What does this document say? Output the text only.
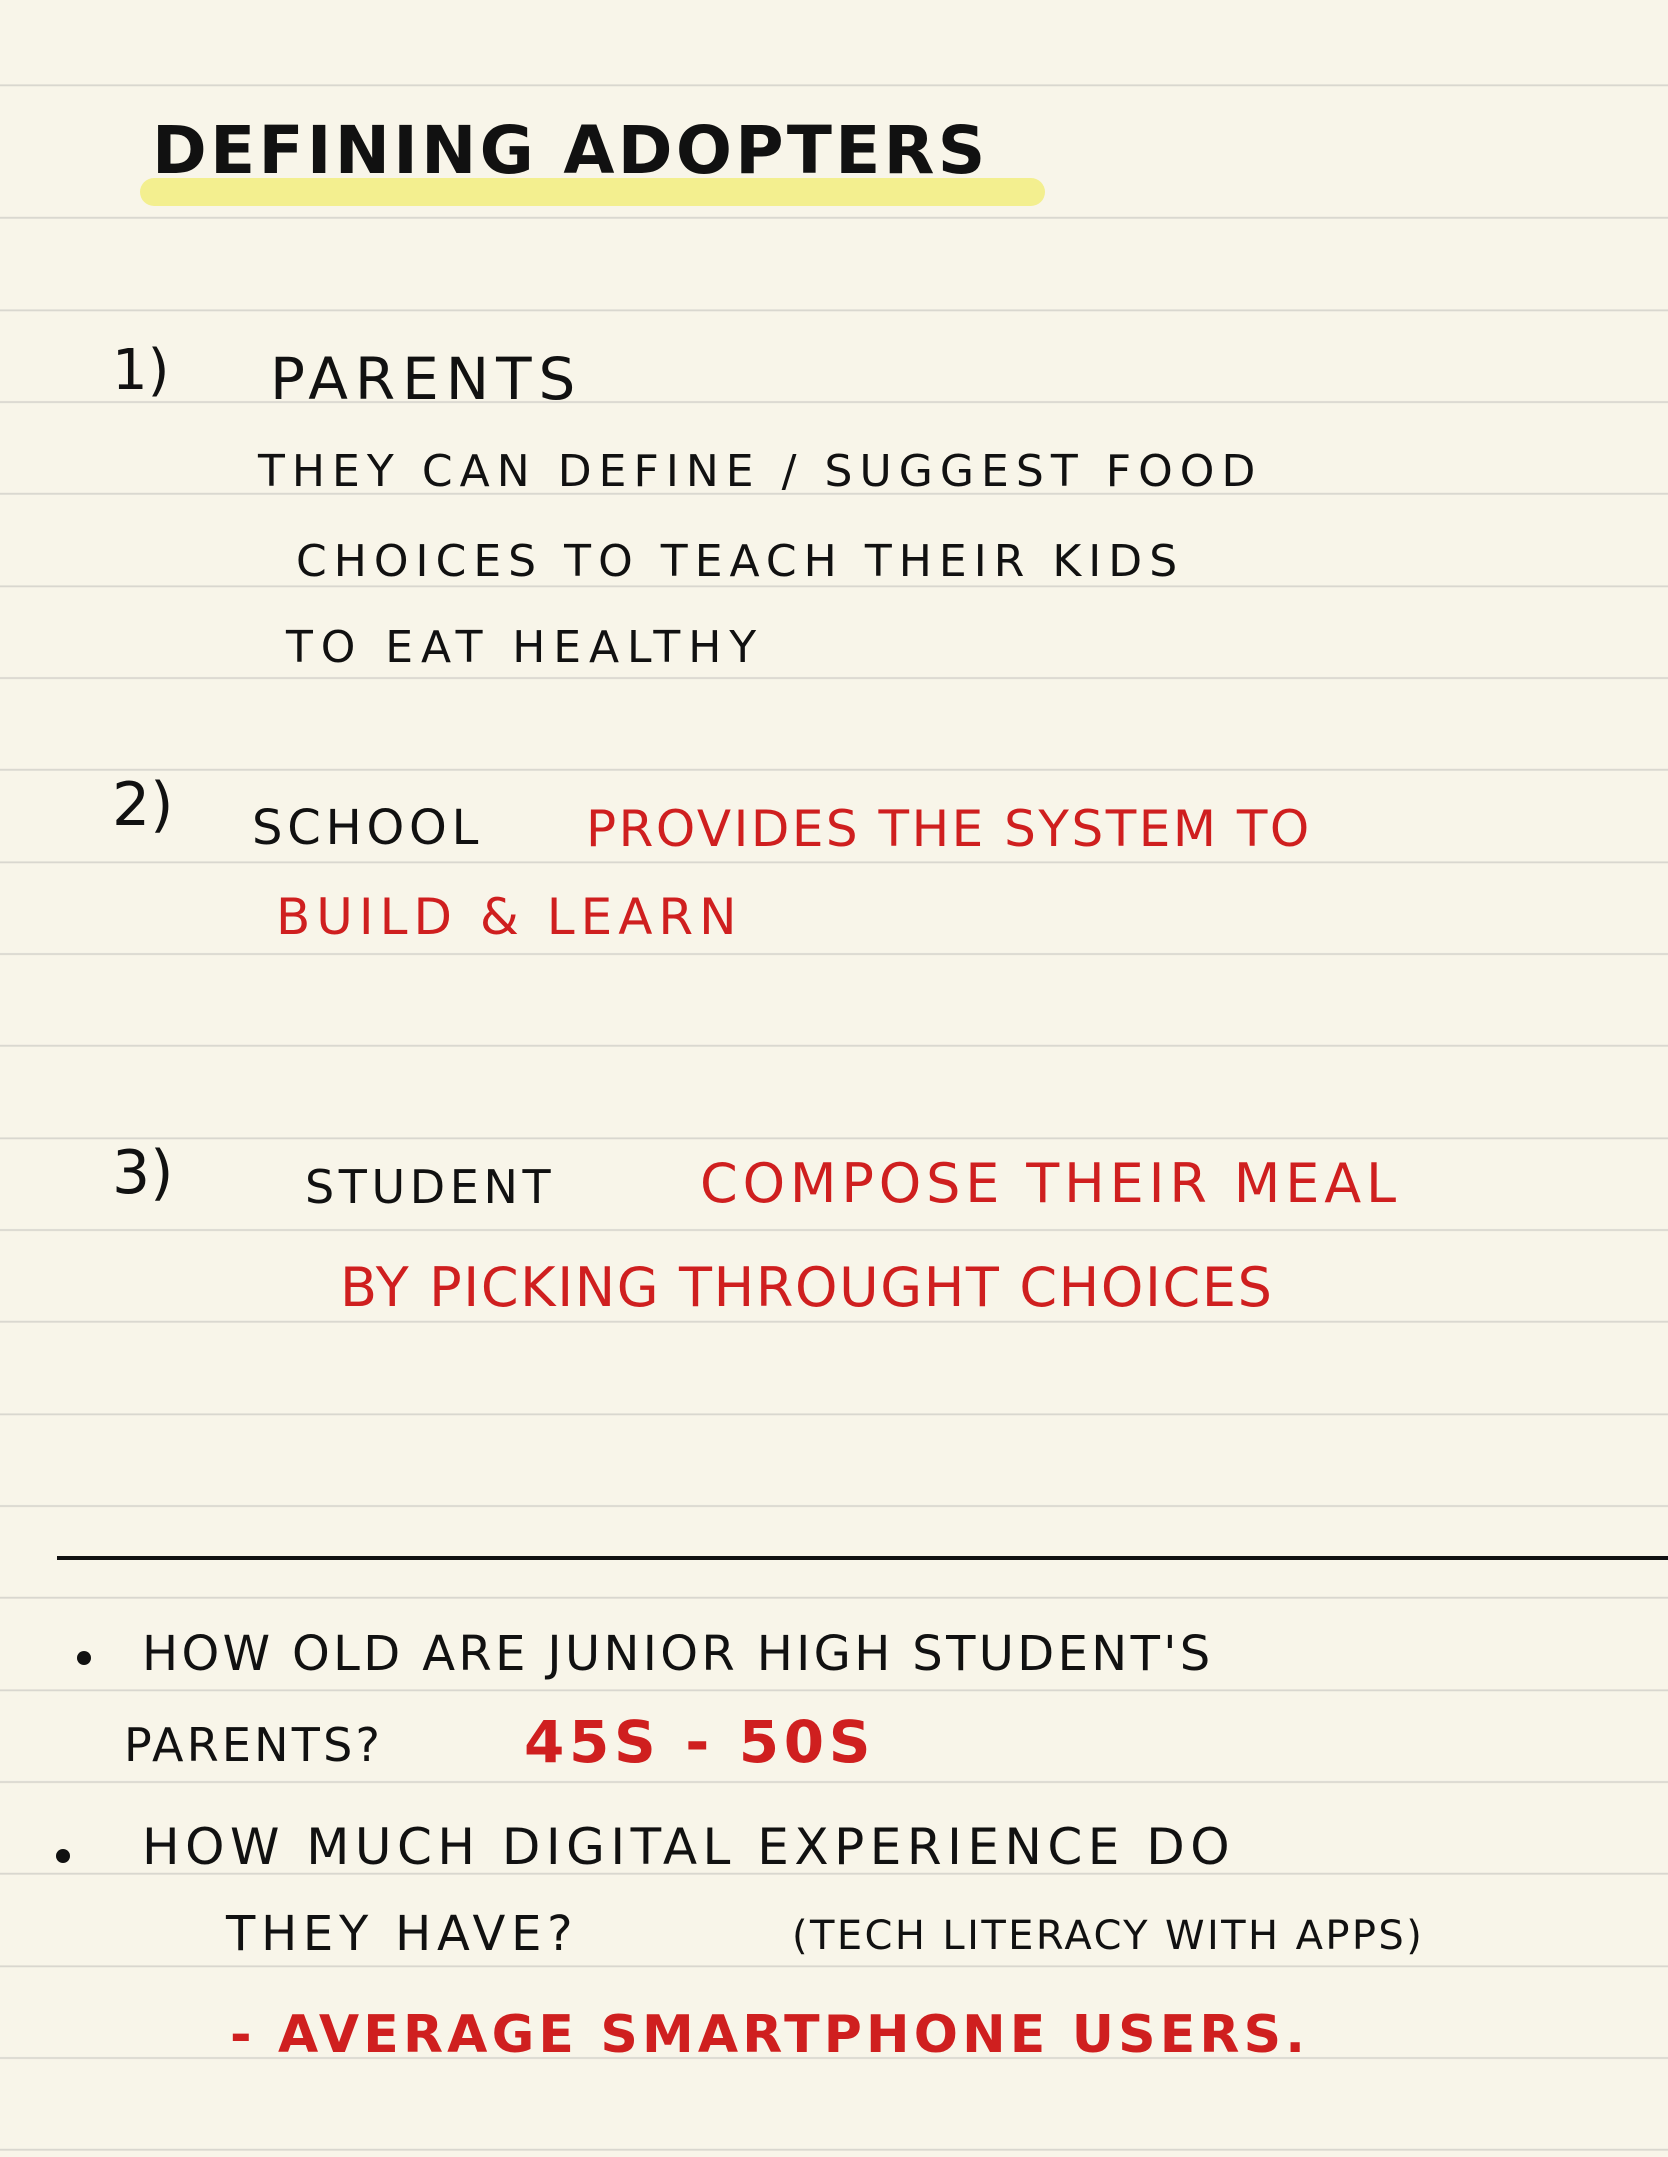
DEFINING ADOPTERS
1) PARENTS
THEY CAN DEFINE / SUGGEST FOOD
CHOICES TO TEACH THEIR KIDS
TO EAT HEALTHY
2) SCHOOL PROVIDES THE SYSTEM TO
BUILD & LEARN
3)	STUDENT	COMPOSE THEIR MEAL
BY PICKING THROUGHT CHOICES
HOW OLD ARE JUNIOR HIGH STUDENT'S
PARENTS? 45S - 50S
HOW MUCH DIGITAL EXPERIENCE DO
THEY HAVE?	(TECH LITERACY WITH APPS)
- AVERAGE SMARTPHONE USERS.
